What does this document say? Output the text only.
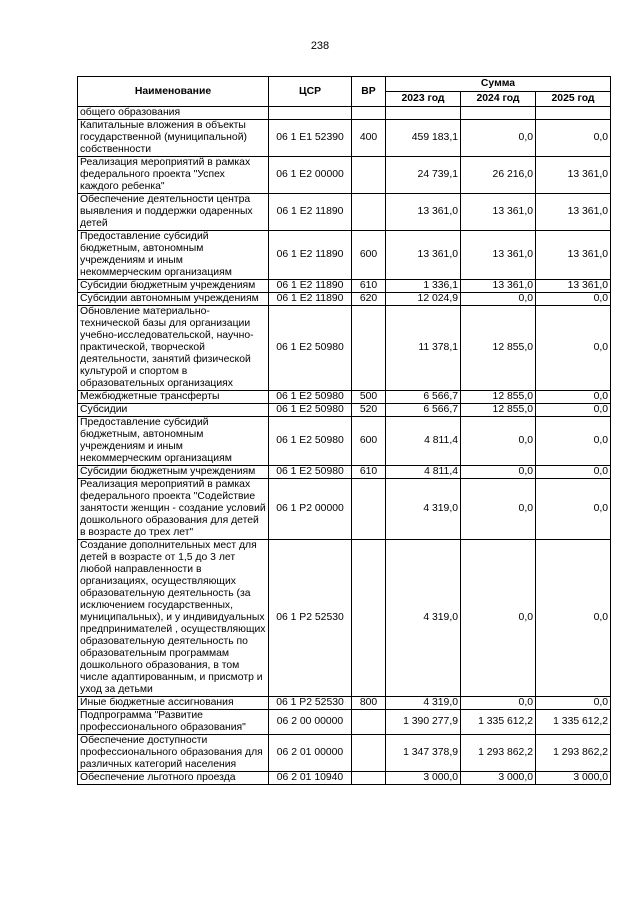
238
Наименование	ЦСР	ВР	Сумма		
			2023 год	2024 год	2025 год
общего образования					
Капитальные вложения в объекты государственной (муниципальной) собственности	06 1 E1 52390	400	459 183,1	0,0	0,0
Реализация мероприятий в рамках федерального проекта "Успех каждого ребенка"	06 1 E2 00000		24 739,1	26 216,0	13 361,0
Обеспечение деятельности центра выявления и поддержки одаренных детей	06 1 E2 11890		13 361,0	13 361,0	13 361,0
Предоставление субсидий бюджетным, автономным учреждениям и иным некоммерческим организациям	06 1 E2 11890	600	13 361,0	13 361,0	13 361,0
Субсидии бюджетным учреждениям	06 1 E2 11890	610	1 336,1	13 361,0	13 361,0
Субсидии автономным учреждениям	06 1 E2 11890	620	12 024,9	0,0	0,0
Обновление материально-технической базы для организации учебно-исследовательской, научно-практической, творческой деятельности, занятий физической культурой и спортом в образовательных организациях	06 1 E2 50980		11 378,1	12 855,0	0,0
Межбюджетные трансферты	06 1 E2 50980	500	6 566,7	12 855,0	0,0
Субсидии	06 1 E2 50980	520	6 566,7	12 855,0	0,0
Предоставление субсидий бюджетным, автономным учреждениям и иным некоммерческим организациям	06 1 E2 50980	600	4 811,4	0,0	0,0
Субсидии бюджетным учреждениям	06 1 E2 50980	610	4 811,4	0,0	0,0
Реализация мероприятий в рамках федерального проекта "Содействие занятости женщин - создание условий дошкольного образования для детей в возрасте до трех лет"	06 1 P2 00000		4 319,0	0,0	0,0
Создание дополнительных мест для детей в возрасте от 1,5 до 3 лет любой направленности в организациях, осуществляющих образовательную деятельность (за исключением государственных, муниципальных), и у индивидуальных предпринимателей , осуществляющих образовательную деятельность по образовательным программам дошкольного образования, в том числе адаптированным, и присмотр и уход за детьми	06 1 P2 52530		4 319,0	0,0	0,0
Иные бюджетные ассигнования	06 1 P2 52530	800	4 319,0	0,0	0,0
Подпрограмма "Развитие профессионального образования"	06 2 00 00000		1 390 277,9	1 335 612,2	1 335 612,2
Обеспечение доступности профессионального образования для различных категорий населения	06 2 01 00000		1 347 378,9	1 293 862,2	1 293 862,2
Обеспечение льготного проезда	06 2 01 10940		3 000,0	3 000,0	3 000,0
